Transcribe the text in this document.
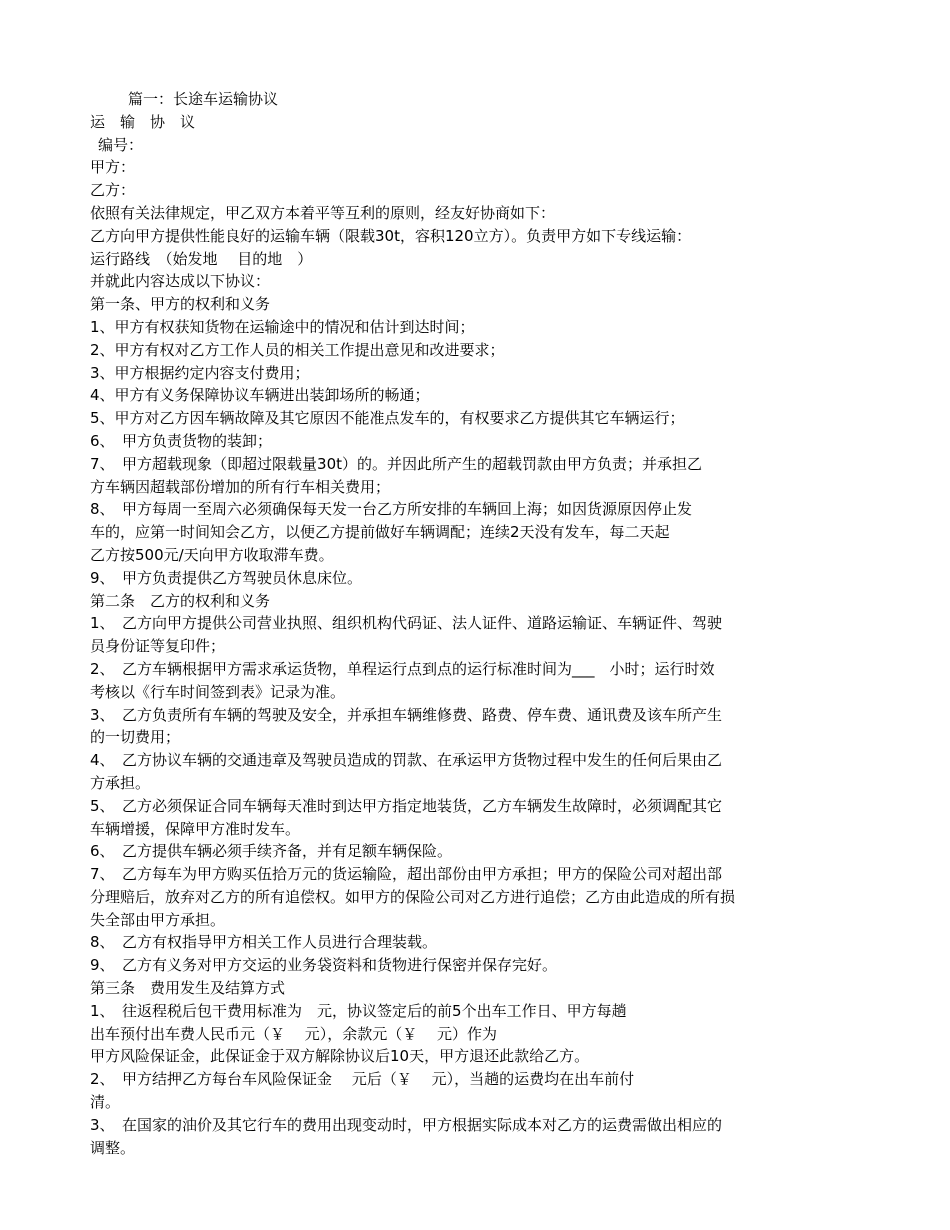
篇一：长途车运输协议
运　输　协　议
编号：
甲方：
乙方：
依照有关法律规定，甲乙双方本着平等互利的原则，经友好协商如下：
乙方向甲方提供性能良好的运输车辆（限载30t，容积120立方）。负责甲方如下专线运输：
运行路线　（始发地　 目的地　）
并就此内容达成以下协议：
第一条、甲方的权利和义务
1、甲方有权获知货物在运输途中的情况和估计到达时间；
2、甲方有权对乙方工作人员的相关工作提出意见和改进要求；
3、甲方根据约定内容支付费用；
4、甲方有义务保障协议车辆进出装卸场所的畅通；
5、甲方对乙方因车辆故障及其它原因不能准点发车的，有权要求乙方提供其它车辆运行；
6、　甲方负责货物的装卸；
7、　甲方超载现象（即超过限载量30t）的。并因此所产生的超载罚款由甲方负责；并承担乙
方车辆因超载部份增加的所有行车相关费用；
8、　甲方每周一至周六必须确保每天发一台乙方所安排的车辆回上海；如因货源原因停止发
车的，应第一时间知会乙方，以便乙方提前做好车辆调配；连续2天没有发车，每二天起
乙方按500元/天向甲方收取滞车费。
9、　甲方负责提供乙方驾驶员休息床位。
第二条　乙方的权利和义务
1、　乙方向甲方提供公司营业执照、组织机构代码证、法人证件、道路运输证、车辆证件、驾驶
员身份证等复印件；
2、　乙方车辆根据甲方需求承运货物，单程运行点到点的运行标准时间为___　小时；运行时效
考核以《行车时间签到表》记录为准。
3、　乙方负责所有车辆的驾驶及安全，并承担车辆维修费、路费、停车费、通讯费及该车所产生
的一切费用；
4、　乙方协议车辆的交通违章及驾驶员造成的罚款、在承运甲方货物过程中发生的任何后果由乙
方承担。
5、　乙方必须保证合同车辆每天准时到达甲方指定地装货，乙方车辆发生故障时，必须调配其它
车辆增援，保障甲方准时发车。
6、　乙方提供车辆必须手续齐备，并有足额车辆保险。
7、　乙方每车为甲方购买伍拾万元的货运输险，超出部份由甲方承担；甲方的保险公司对超出部
分理赔后，放弃对乙方的所有追偿权。如甲方的保险公司对乙方进行追偿；乙方由此造成的所有损
失全部由甲方承担。
8、　乙方有权指导甲方相关工作人员进行合理装载。
9、　乙方有义务对甲方交运的业务袋资料和货物进行保密并保存完好。
第三条　费用发生及结算方式
1、　往返程税后包干费用标准为　元，协议签定后的前5个出车工作日、甲方每趟
出车预付出车费人民币元（￥　 元），余款元（￥　 元）作为
甲方风险保证金，此保证金于双方解除协议后10天，甲方退还此款给乙方。
2、　甲方结押乙方每台车风险保证金　 元后（￥　 元），当趟的运费均在出车前付
清。
3、　在国家的油价及其它行车的费用出现变动时，甲方根据实际成本对乙方的运费需做出相应的
调整。
